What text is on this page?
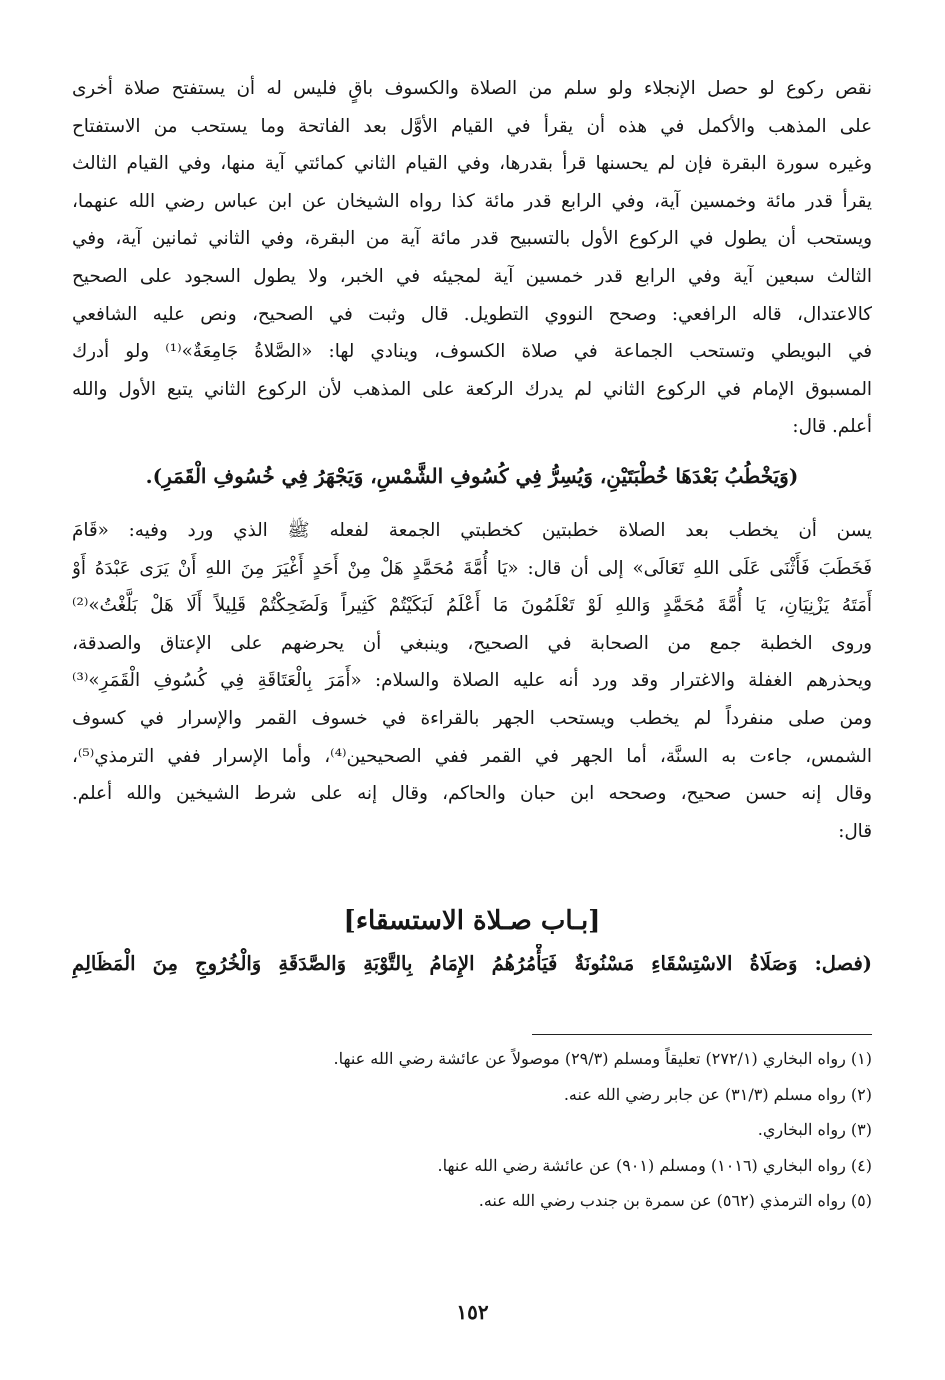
نقص ركوع لو حصل الإنجلاء ولو سلم من الصلاة والكسوف باقٍ فليس له أن يستفتح صلاة أخرى
على المذهب والأكمل في هذه أن يقرأ في القيام الأوَّل بعد الفاتحة وما يستحب من الاستفتاح
وغيره سورة البقرة فإن لم يحسنها قرأ بقدرها، وفي القيام الثاني كمائتي آية منها، وفي القيام الثالث
يقرأ قدر مائة وخمسين آية، وفي الرابع قدر مائة كذا رواه الشيخان عن ابن عباس رضي الله عنهما،
ويستحب أن يطول في الركوع الأول بالتسبيح قدر مائة آية من البقرة، وفي الثاني ثمانين آية، وفي
الثالث سبعين آية وفي الرابع قدر خمسين آية لمجيئه في الخبر، ولا يطول السجود على الصحيح
كالاعتدال، قاله الرافعي: وصحح النووي التطويل. قال وثبت في الصحيح، ونص عليه الشافعي
في البويطي وتستحب الجماعة في صلاة الكسوف، وينادي لها: «الصَّلاةُ جَامِعَةٌ»⁽¹⁾ ولو أدرك
المسبوق الإمام في الركوع الثاني لم يدرك الركعة على المذهب لأن الركوع الثاني يتبع الأول والله
أعلم. قال:
(وَيَخْطُبُ بَعْدَهَا خُطْبَتَيْنِ، وَيُسِرُّ فِي كُسُوفِ الشَّمْسِ، وَيَجْهَرُ فِي خُسُوفِ الْقَمَرِ).
يسن أن يخطب بعد الصلاة خطبتين كخطبتي الجمعة لفعله ﷺ الذي ورد وفيه: «قَامَ
فَخَطَبَ فَأَثْنَى عَلَى اللهِ تَعَالَى» إلى أن قال: «يَا أُمَّةَ مُحَمَّدٍ هَلْ مِنْ أَحَدٍ أَغْيَرَ مِنَ اللهِ أَنْ يَرَى عَبْدَهُ أَوْ
أَمَتَهُ يَزْنِيَانِ، يَا أُمَّةَ مُحَمَّدٍ وَاللهِ لَوْ تَعْلَمُونَ مَا أَعْلَمُ لَبَكَيْتُمْ كَثِيراً وَلَضَحِكْتُمْ قَلِيلاً أَلَا هَلْ بَلَّغْتُ»⁽²⁾
وروى الخطبة جمع من الصحابة في الصحيح، وينبغي أن يحرضهم على الإعتاق والصدقة،
ويحذرهم الغفلة والاغترار وقد ورد أنه عليه الصلاة والسلام: «أَمَرَ بِالْعَتَاقَةِ فِي كُسُوفِ الْقَمَرِ»⁽³⁾
ومن صلى منفرداً لم يخطب ويستحب الجهر بالقراءة في خسوف القمر والإسرار في كسوف
الشمس، جاءت به السنَّة، أما الجهر في القمر ففي الصحيحين⁽⁴⁾، وأما الإسرار ففي الترمذي⁽⁵⁾،
وقال إنه حسن صحيح، وصححه ابن حبان والحاكم، وقال إنه على شرط الشيخين والله أعلم.
قال:
[بـاب صـلاة الاستسقاء]
(فصل: وَصَلَاةُ الاسْتِسْقَاءِ مَسْنُونَةٌ فَيَأْمُرُهُمُ الإِمَامُ بِالتَّوْبَةِ وَالصَّدَقَةِ وَالْخُرُوجِ مِنَ الْمَظَالِمِ
(١) رواه البخاري (٢٧٢/١) تعليقاً ومسلم (٢٩/٣) موصولاً عن عائشة رضي الله عنها.
(٢) رواه مسلم (٣١/٣) عن جابر رضي الله عنه.
(٣) رواه البخاري.
(٤) رواه البخاري (١٠١٦) ومسلم (٩٠١) عن عائشة رضي الله عنها.
(٥) رواه الترمذي (٥٦٢) عن سمرة بن جندب رضي الله عنه.
١٥٢
